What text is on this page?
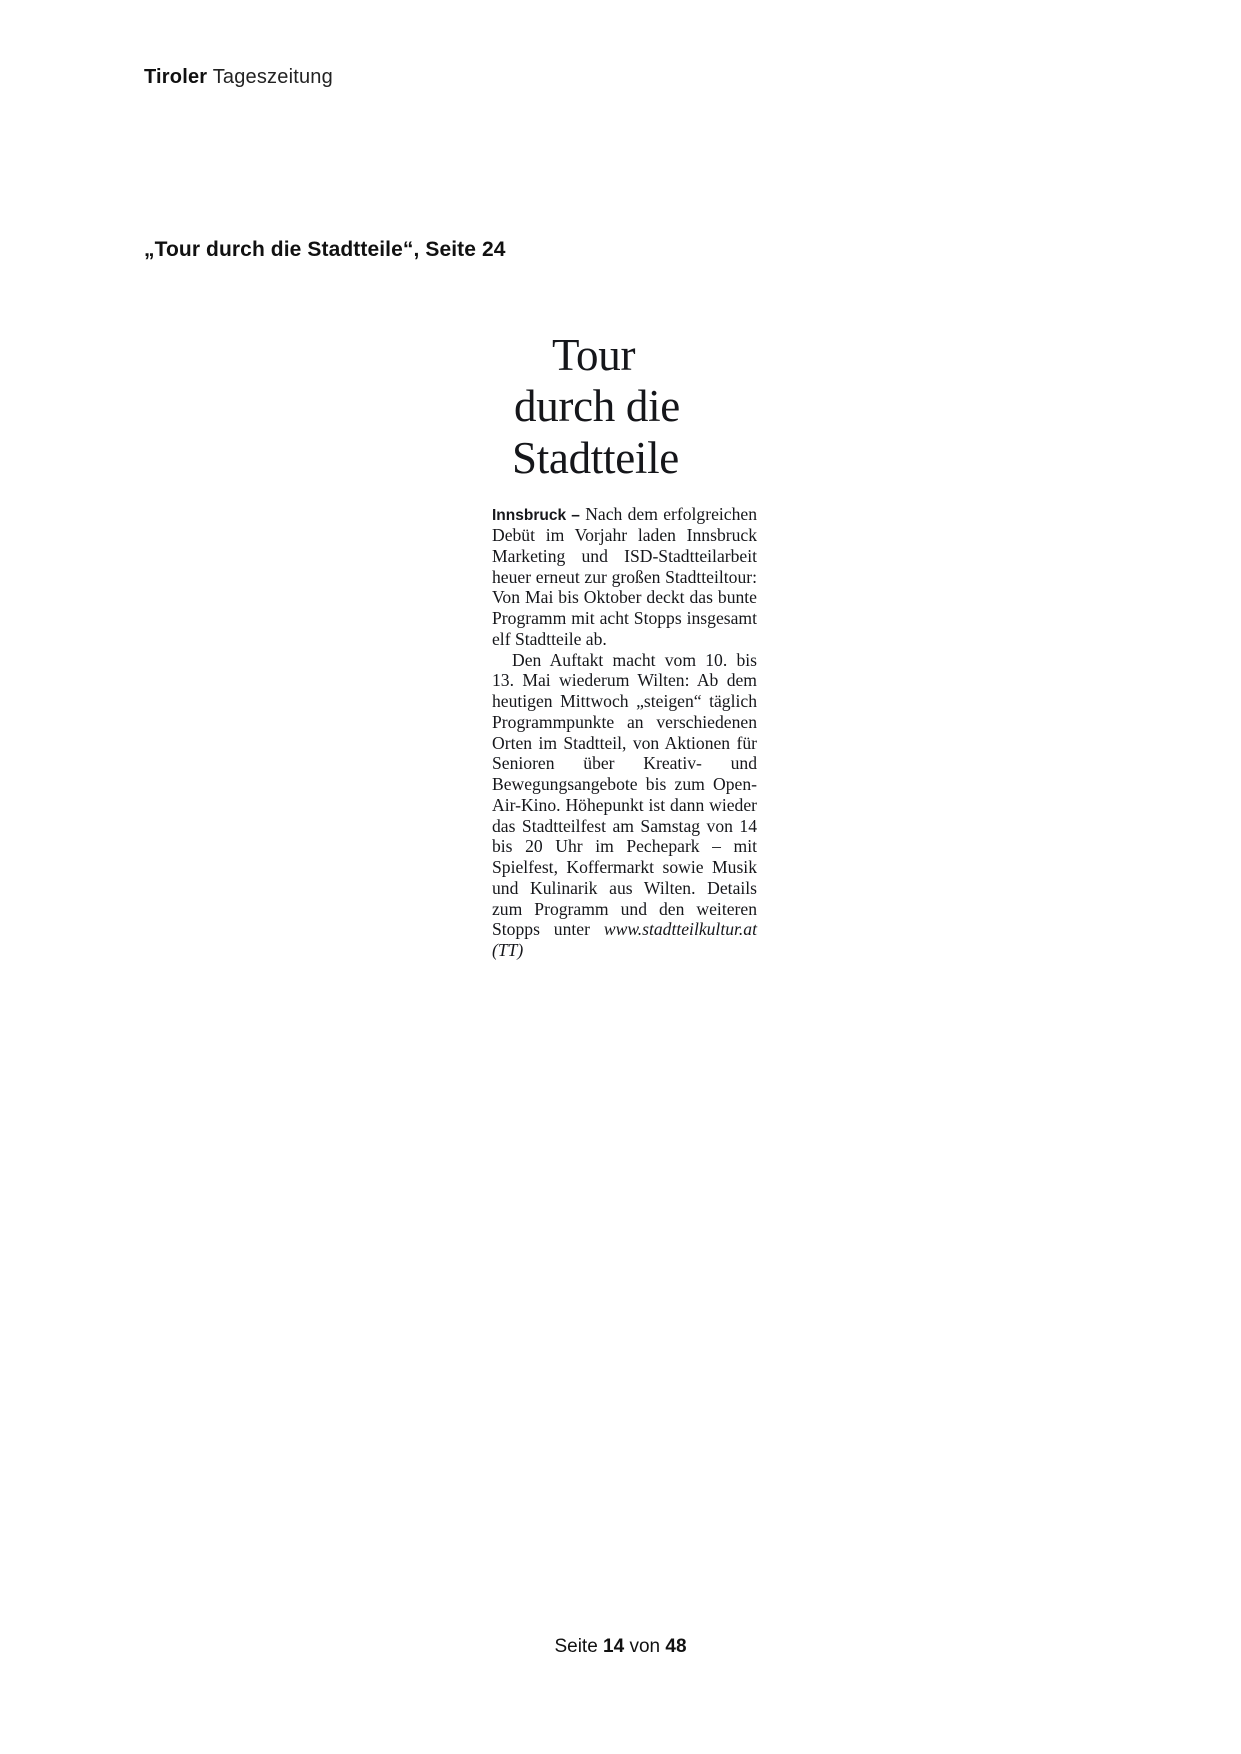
Tiroler Tageszeitung
„Tour durch die Stadtteile“, Seite 24
Tour
durch die
Stadtteile

Innsbruck – Nach dem erfolgreichen Debüt im Vorjahr laden Innsbruck Marketing und ISD-Stadtteilarbeit heuer erneut zur großen Stadtteiltour: Von Mai bis Oktober deckt das bunte Programm mit acht Stopps insgesamt elf Stadtteile ab.

Den Auftakt macht vom 10. bis 13. Mai wiederum Wilten: Ab dem heutigen Mittwoch „steigen“ täglich Programmpunkte an verschiedenen Orten im Stadtteil, von Aktionen für Senioren über Kreativ- und Bewegungsangebote bis zum Open-Air-Kino. Höhepunkt ist dann wieder das Stadtteilfest am Samstag von 14 bis 20 Uhr im Pechepark – mit Spielfest, Koffermarkt sowie Musik und Kulinarik aus Wilten. Details zum Programm und den weiteren Stopps unter www.stadtteilkultur.at (TT)

Seite 14 von 48
